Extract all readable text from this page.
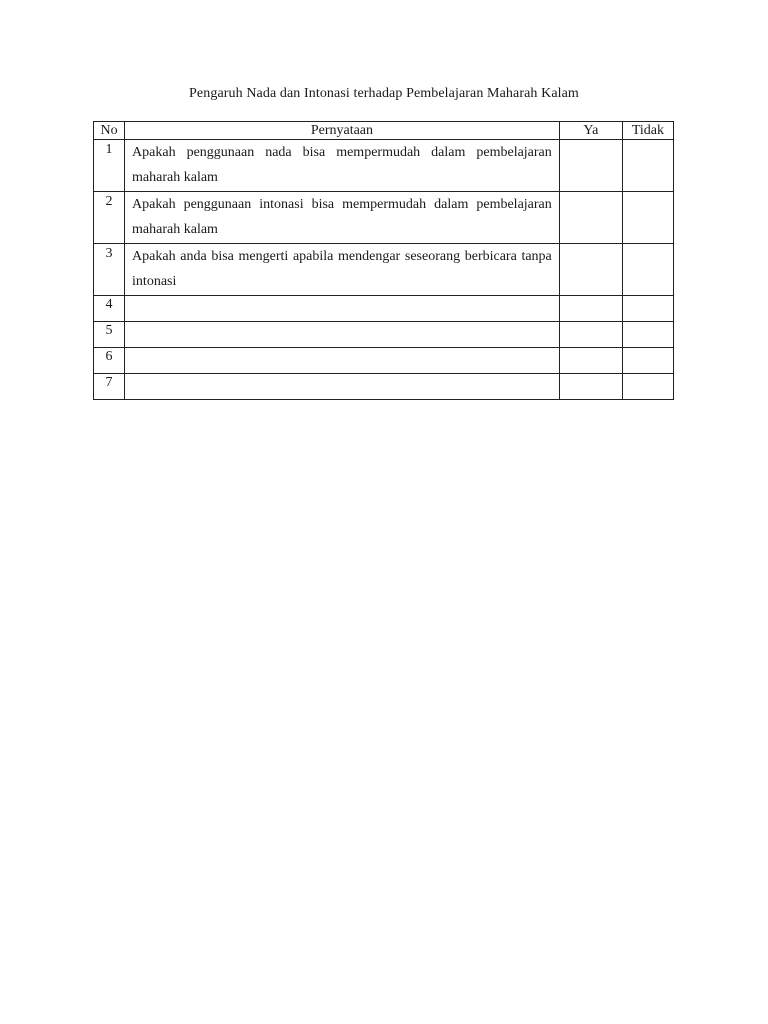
Pengaruh Nada dan Intonasi terhadap Pembelajaran Maharah Kalam
No	Pernyataan	Ya	Tidak
1	Apakah penggunaan nada bisa mempermudah dalam pembelajaran maharah kalam		

2	Apakah penggunaan intonasi bisa mempermudah dalam pembelajaran maharah kalam		

3	Apakah anda bisa mengerti apabila mendengar seseorang berbicara tanpa intonasi		

4			
5			
6			
7			
